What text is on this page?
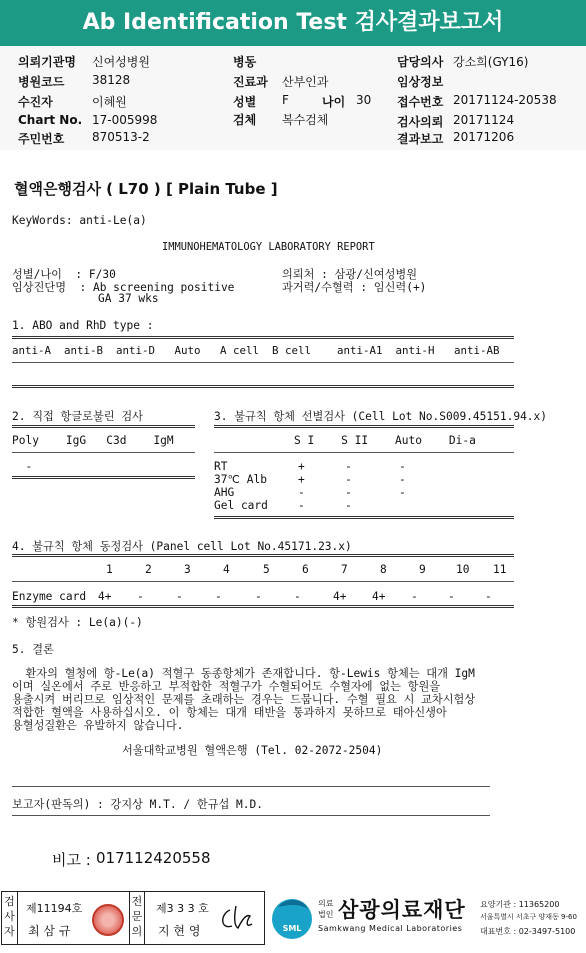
Ab Identification Test 검사결과보고서
의뢰기관명 신여성병원
병원코드 38128
수진자	이혜원
Chart No. 17-005998
주민번호 870513-2
병동
진료과 산부인과
성별 F	나이 30
검체 복수검체
담당의사 강소희(GY16)
임상정보
접수번호 20171124-20538
검사의뢰 20171124
결과보고 20171206
혈액은행검사 ( L70 ) [ Plain Tube ]
KeyWords: anti-Le(a)
IMMUNOHEMATOLOGY LABORATORY REPORT
성별/나이  : F/30	의뢰처 : 삼광/신여성병원
임상진단명  : Ab screening positive
GA 37 wks
과거력/수혈력 : 임신력(+)
1. ABO and RhD type :
anti-A  anti-B  anti-D   Auto   A cell  B cell    anti-A1  anti-H   anti-AB
2. 직접 항글로불린 검사
Poly    IgG   C3d    IgM
-
3. 불규칙 항체 선별검사 (Cell Lot No.S009.45151.94.x)
S I    S II    Auto    Di-a
RT	+      -       -
37℃ Alb	+      -       -
AHG	-      -       -
Gel card	-      -
4. 불규칙 항체 동정검사 (Panel cell Lot No.45171.23.x)
1	2	3	4	5	6	7	8	9	10 11
Enzyme card 4+ -	-	-	-	-	4+ 4+ -	-	-
* 항원검사 : Le(a)(-)
5. 결론
환자의 혈청에 항-Le(a) 적혈구 동종항체가 존재합니다. 항-Lewis 항체는 대개 IgM
이며 실온에서 주로 반응하고 부적합한 적혈구가 수혈되어도 수혈자에 없는 항원을
용출시켜 버리므로 임상적인 문제를 초래하는 경우는 드뭅니다. 수혈 필요 시 교차시험상
적합한 혈액을 사용하십시오. 이 항체는 대개 태반을 통과하지 못하므로 태아신생아
용혈성질환은 유발하지 않습니다.
서울대학교병원 혈액은행 (Tel. 02-2072-2504)
보고자(판독의) : 강지상 M.T. / 한규섭 M.D.
비고 : 017112420558
검사자
제11194호
최 삼 규
전문의
제3 3 3 호
지 현 영	SML
의료
법인 삼광의료재단
Samkwang Medical Laboratories
요양기관 : 11365200
서울특별시 서초구 양재동 9-60
대표번호 : 02-3497-5100
